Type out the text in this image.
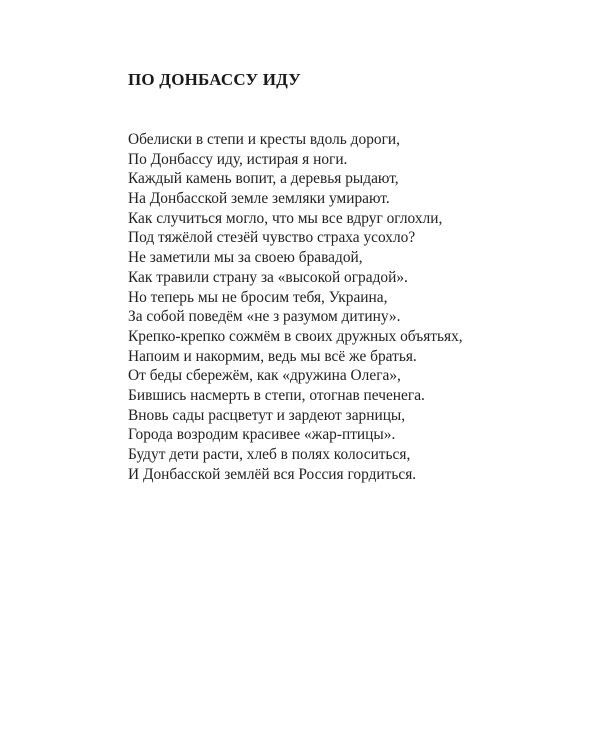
ПО ДОНБАССУ ИДУ
Обелиски в степи и кресты вдоль дороги,
По Донбассу иду, истирая я ноги.
Каждый камень вопит, а деревья рыдают,
На Донбасской земле земляки умирают.
Как случиться могло, что мы все вдруг оглохли,
Под тяжёлой стезёй чувство страха усохло?
Не заметили мы за своею бравадой,
Как травили страну за «высокой оградой».
Но теперь мы не бросим тебя, Украина,
За собой поведём «не з разумом дитину».
Крепко-крепко сожмём в своих дружных объятьях,
Напоим и накормим, ведь мы всё же братья.
От беды сбережём, как «дружина Олега»,
Бившись насмерть в степи, отогнав печенега.
Вновь сады расцветут и зардеют зарницы,
Города возродим красивее «жар-птицы».
Будут дети расти, хлеб в полях колоситься,
И Донбасской землёй вся Россия гордиться.
